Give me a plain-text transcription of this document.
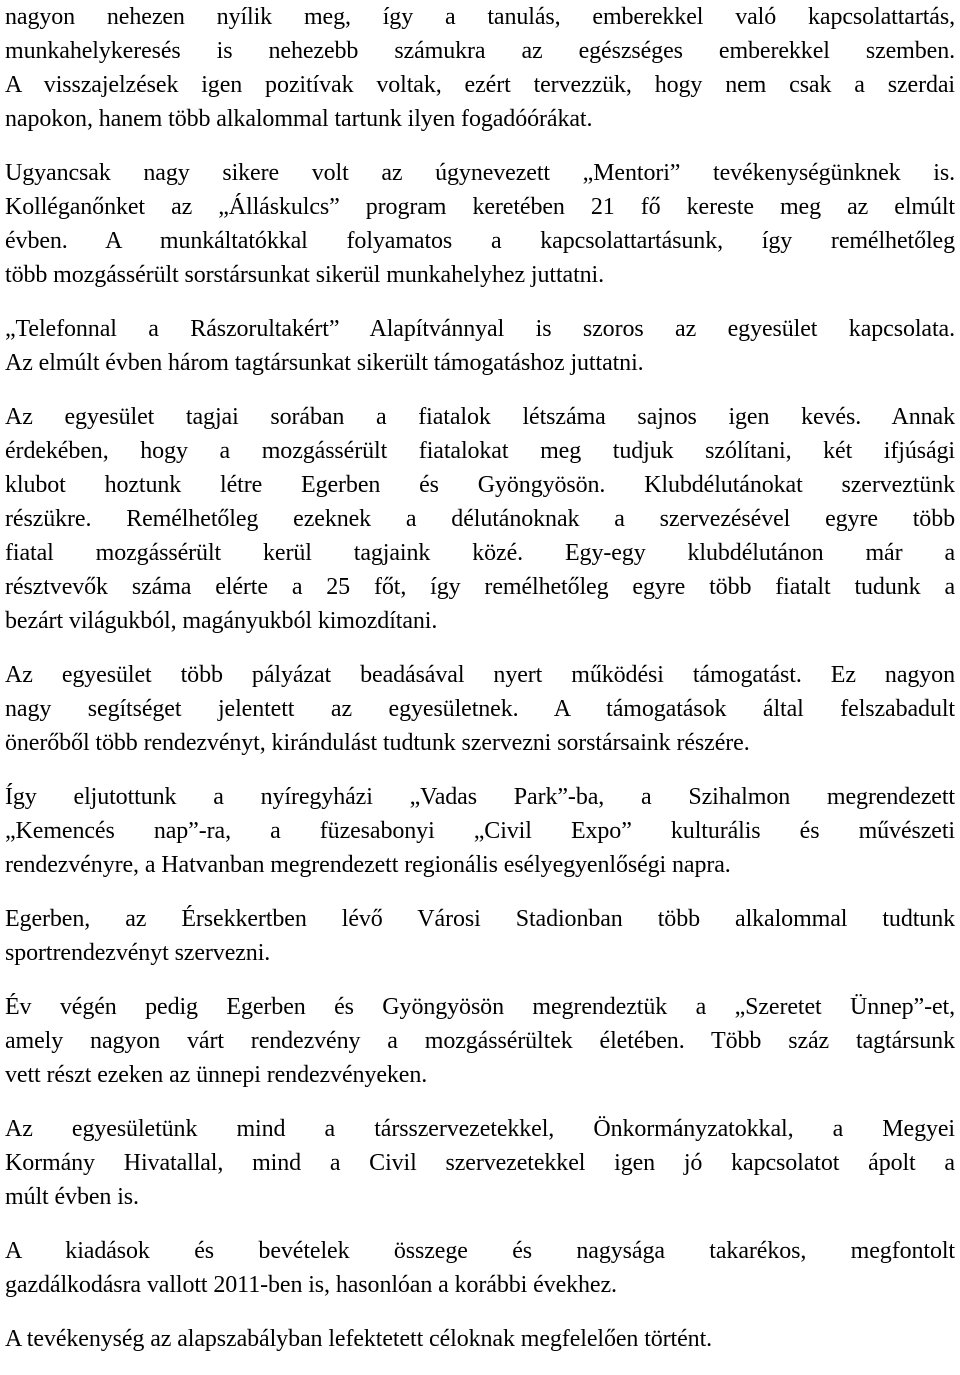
nagyon nehezen nyílik meg, így a tanulás, emberekkel való kapcsolattartás,
munkahelykeresés is nehezebb számukra az egészséges emberekkel szemben.
A visszajelzések igen pozitívak voltak, ezért tervezzük, hogy nem csak a szerdai
napokon, hanem több alkalommal tartunk ilyen fogadóórákat.
Ugyancsak nagy sikere volt az úgynevezett „Mentori” tevékenységünknek is.
Kolléganőnket az „Álláskulcs” program keretében 21 fő kereste meg az elmúlt
évben. A munkáltatókkal folyamatos a kapcsolattartásunk, így remélhetőleg
több mozgássérült sorstársunkat sikerül munkahelyhez juttatni.
„Telefonnal a Rászorultakért” Alapítvánnyal is szoros az egyesület kapcsolata.
Az elmúlt évben három tagtársunkat sikerült támogatáshoz juttatni.
Az egyesület tagjai sorában a fiatalok létszáma sajnos igen kevés. Annak
érdekében, hogy a mozgássérült fiatalokat meg tudjuk szólítani, két ifjúsági
klubot hoztunk létre Egerben és Gyöngyösön. Klubdélutánokat szerveztünk
részükre. Remélhetőleg ezeknek a délutánoknak a szervezésével egyre több
fiatal mozgássérült kerül tagjaink közé. Egy-egy klubdélutánon már a
résztvevők száma elérte a 25 főt, így remélhetőleg egyre több fiatalt tudunk a
bezárt világukból, magányukból kimozdítani.
Az egyesület több pályázat beadásával nyert működési támogatást. Ez nagyon
nagy segítséget jelentett az egyesületnek. A támogatások által felszabadult
önerőből több rendezvényt, kirándulást tudtunk szervezni sorstársaink részére.
Így eljutottunk a nyíregyházi „Vadas Park”-ba, a Szihalmon megrendezett
„Kemencés nap”-ra, a füzesabonyi „Civil Expo” kulturális és művészeti
rendezvényre, a Hatvanban megrendezett regionális esélyegyenlőségi napra.
Egerben, az Érsekkertben lévő Városi Stadionban több alkalommal tudtunk
sportrendezvényt szervezni.
Év végén pedig Egerben és Gyöngyösön megrendeztük a „Szeretet Ünnep”-et,
amely nagyon várt rendezvény a mozgássérültek életében. Több száz tagtársunk
vett részt ezeken az ünnepi rendezvényeken.
Az egyesületünk mind a társszervezetekkel, Önkormányzatokkal, a Megyei
Kormány Hivatallal, mind a Civil szervezetekkel igen jó kapcsolatot ápolt a
múlt évben is.
A kiadások és bevételek összege és nagysága takarékos, megfontolt
gazdálkodásra vallott 2011-ben is, hasonlóan a korábbi évekhez.
A tevékenység az alapszabályban lefektetett céloknak megfelelően történt.
